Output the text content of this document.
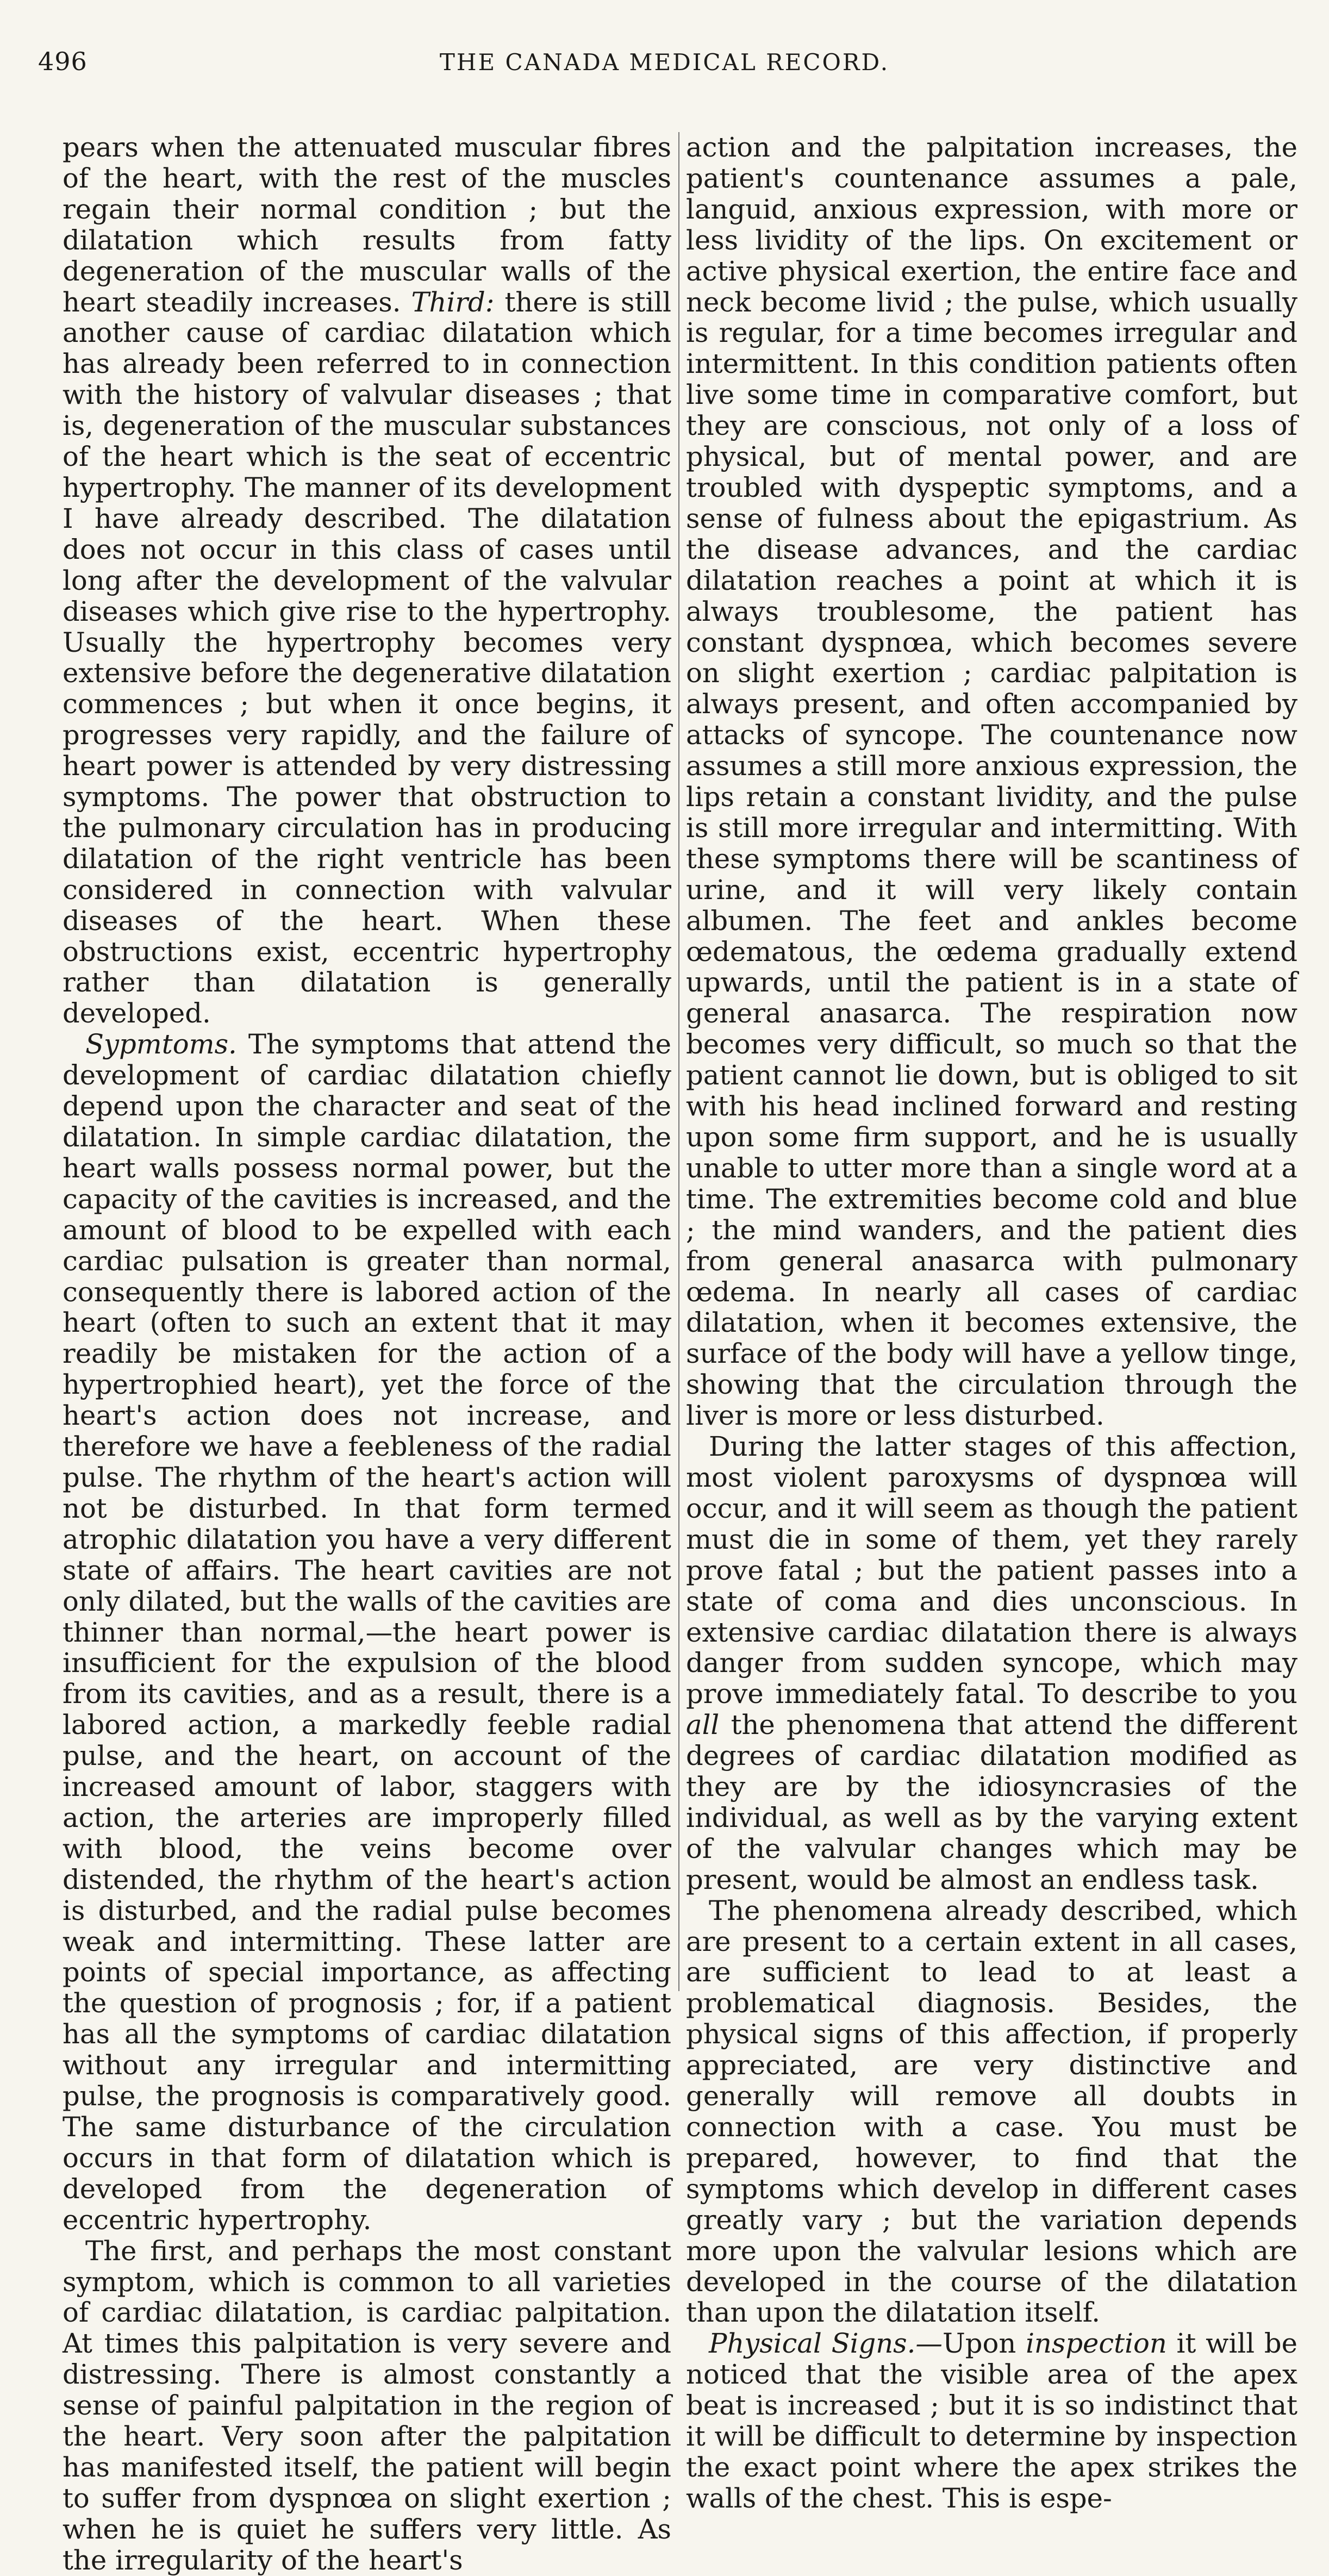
496	THE CANADA MEDICAL RECORD.

pears when the attenuated muscular fibres of the heart, with the rest of the muscles regain their normal condition ; but the dilatation which results from fatty degeneration of the muscular walls of the heart steadily increases. Third: there is still another cause of cardiac dilatation which has already been referred to in connection with the history of valvular diseases ; that is, degeneration of the muscular substances of the heart which is the seat of eccentric hypertrophy. The manner of its development I have already described. The dilatation does not occur in this class of cases until long after the development of the valvular diseases which give rise to the hypertrophy. Usually the hypertrophy becomes very extensive before the degenerative dilatation commences ; but when it once begins, it progresses very rapidly, and the failure of heart power is attended by very distressing symptoms. The power that obstruction to the pulmonary circulation has in producing dilatation of the right ventricle has been considered in connection with valvular diseases of the heart. When these obstructions exist, eccentric hypertrophy rather than dilatation is generally developed.

Sypmtoms. The symptoms that attend the development of cardiac dilatation chiefly depend upon the character and seat of the dilatation. In simple cardiac dilatation, the heart walls possess normal power, but the capacity of the cavities is increased, and the amount of blood to be expelled with each cardiac pulsation is greater than normal, consequently there is labored action of the heart (often to such an extent that it may readily be mistaken for the action of a hypertrophied heart), yet the force of the heart's action does not increase, and therefore we have a feebleness of the radial pulse. The rhythm of the heart's action will not be disturbed. In that form termed atrophic dilatation you have a very different state of affairs. The heart cavities are not only dilated, but the walls of the cavities are thinner than normal,—the heart power is insufficient for the expulsion of the blood from its cavities, and as a result, there is a labored action, a markedly feeble radial pulse, and the heart, on account of the increased amount of labor, staggers with action, the arteries are improperly filled with blood, the veins become over distended, the rhythm of the heart's action is disturbed, and the radial pulse becomes weak and intermitting. These latter are points of special importance, as affecting the question of prognosis ; for, if a patient has all the symptoms of cardiac dilatation without any irregular and intermitting pulse, the prognosis is comparatively good. The same disturbance of the circulation occurs in that form of dilatation which is developed from the degeneration of eccentric hypertrophy.

The first, and perhaps the most constant symptom, which is common to all varieties of cardiac dilatation, is cardiac palpitation. At times this palpitation is very severe and distressing. There is almost constantly a sense of painful palpitation in the region of the heart. Very soon after the palpitation has manifested itself, the patient will begin to suffer from dyspnœa on slight exertion ; when he is quiet he suffers very little. As the irregularity of the heart's

action and the palpitation increases, the patient's countenance assumes a pale, languid, anxious expression, with more or less lividity of the lips. On excitement or active physical exertion, the entire face and neck become livid ; the pulse, which usually is regular, for a time becomes irregular and intermittent. In this condition patients often live some time in comparative comfort, but they are conscious, not only of a loss of physical, but of mental power, and are troubled with dyspeptic symptoms, and a sense of fulness about the epigastrium. As the disease advances, and the cardiac dilatation reaches a point at which it is always troublesome, the patient has constant dyspnœa, which becomes severe on slight exertion ; cardiac palpitation is always present, and often accompanied by attacks of syncope. The countenance now assumes a still more anxious expression, the lips retain a constant lividity, and the pulse is still more irregular and intermitting. With these symptoms there will be scantiness of urine, and it will very likely contain albumen. The feet and ankles become œdematous, the œdema gradually extend upwards, until the patient is in a state of general anasarca. The respiration now becomes very difficult, so much so that the patient cannot lie down, but is obliged to sit with his head inclined forward and resting upon some firm support, and he is usually unable to utter more than a single word at a time. The extremities become cold and blue ; the mind wanders, and the patient dies from general anasarca with pulmonary œdema. In nearly all cases of cardiac dilatation, when it becomes extensive, the surface of the body will have a yellow tinge, showing that the circulation through the liver is more or less disturbed.

During the latter stages of this affection, most violent paroxysms of dyspnœa will occur, and it will seem as though the patient must die in some of them, yet they rarely prove fatal ; but the patient passes into a state of coma and dies unconscious. In extensive cardiac dilatation there is always danger from sudden syncope, which may prove immediately fatal. To describe to you all the phenomena that attend the different degrees of cardiac dilatation modified as they are by the idiosyncrasies of the individual, as well as by the varying extent of the valvular changes which may be present, would be almost an endless task.

The phenomena already described, which are present to a certain extent in all cases, are sufficient to lead to at least a problematical diagnosis. Besides, the physical signs of this affection, if properly appreciated, are very distinctive and generally will remove all doubts in connection with a case. You must be prepared, however, to find that the symptoms which develop in different cases greatly vary ; but the variation depends more upon the valvular lesions which are developed in the course of the dilatation than upon the dilatation itself.

Physical Signs.—Upon inspection it will be noticed that the visible area of the apex beat is increased ; but it is so indistinct that it will be difficult to determine by inspection the exact point where the apex strikes the walls of the chest. This is espe-
